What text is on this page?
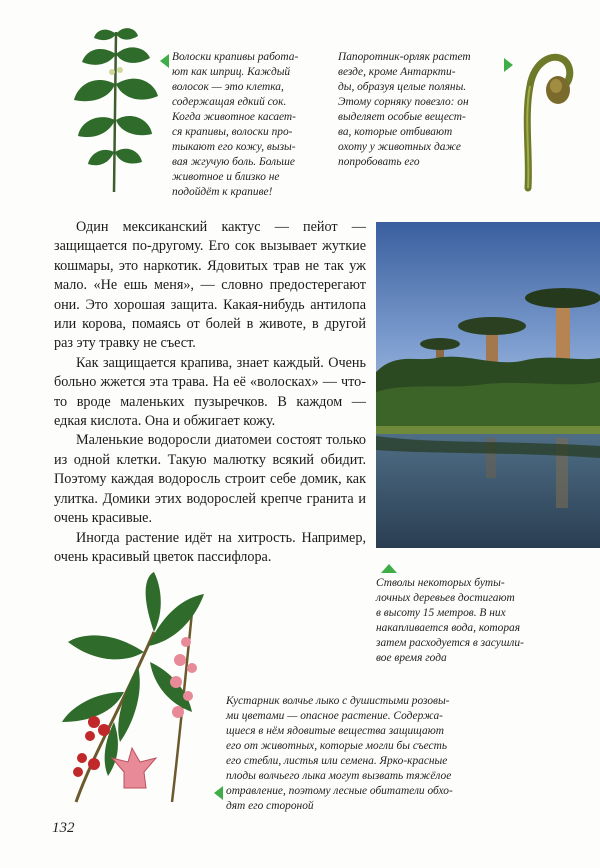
Волоски крапивы работа-
ют как шприц. Каждый
волосок — это клетка,
содержащая едкий сок.
Когда животное касает-
ся крапивы, волоски про-
тыкают его кожу, вызы-
вая жгучую боль. Больше
животное и близко не
подойдёт к крапиве!
Папоротник-орляк растет
везде, кроме Антаркти-
ды, образуя целые поляны.
Этому сорняку повезло: он
выделяет особые вещест-
ва, которые отбивают
охоту у животных даже
попробовать его

Один мексиканский кактус — пейот — защищается по-другому. Его сок вызывает жуткие кошмары, это наркотик. Ядовитых трав не так уж мало. «Не ешь меня», — словно предостерегают они. Это хорошая защита. Какая-нибудь антилопа или корова, помаясь от болей в животе, в другой раз эту травку не съест.

Как защищается крапива, знает каждый. Очень больно жжется эта трава. На её «волосках» — что-то вроде маленьких пузыречков. В каждом — едкая кислота. Она и обжигает кожу.

Маленькие водоросли диатомеи состоят только из одной клетки. Такую малютку всякий обидит. Поэтому каждая водоросль строит себе домик, как улитка. Домики этих водорослей крепче гранита и очень красивые.

Иногда растение идёт на хитрость. Например, очень красивый цветок пассифлора.

Стволы некоторых буты-
лочных деревьев достигают
в высоту 15 метров. В них
накапливается вода, которая
затем расходуется в засушли-
вое время года
Кустарник волчье лыко с душистыми розовы-
ми цветами — опасное растение. Содержа-
щиеся в нём ядовитые вещества защищают
его от животных, которые могли бы съесть
его стебли, листья или семена. Ярко-красные
плоды волчьего лыка могут вызвать тяжёлое
отравление, поэтому лесные обитатели обхо-
дят его стороной
132
